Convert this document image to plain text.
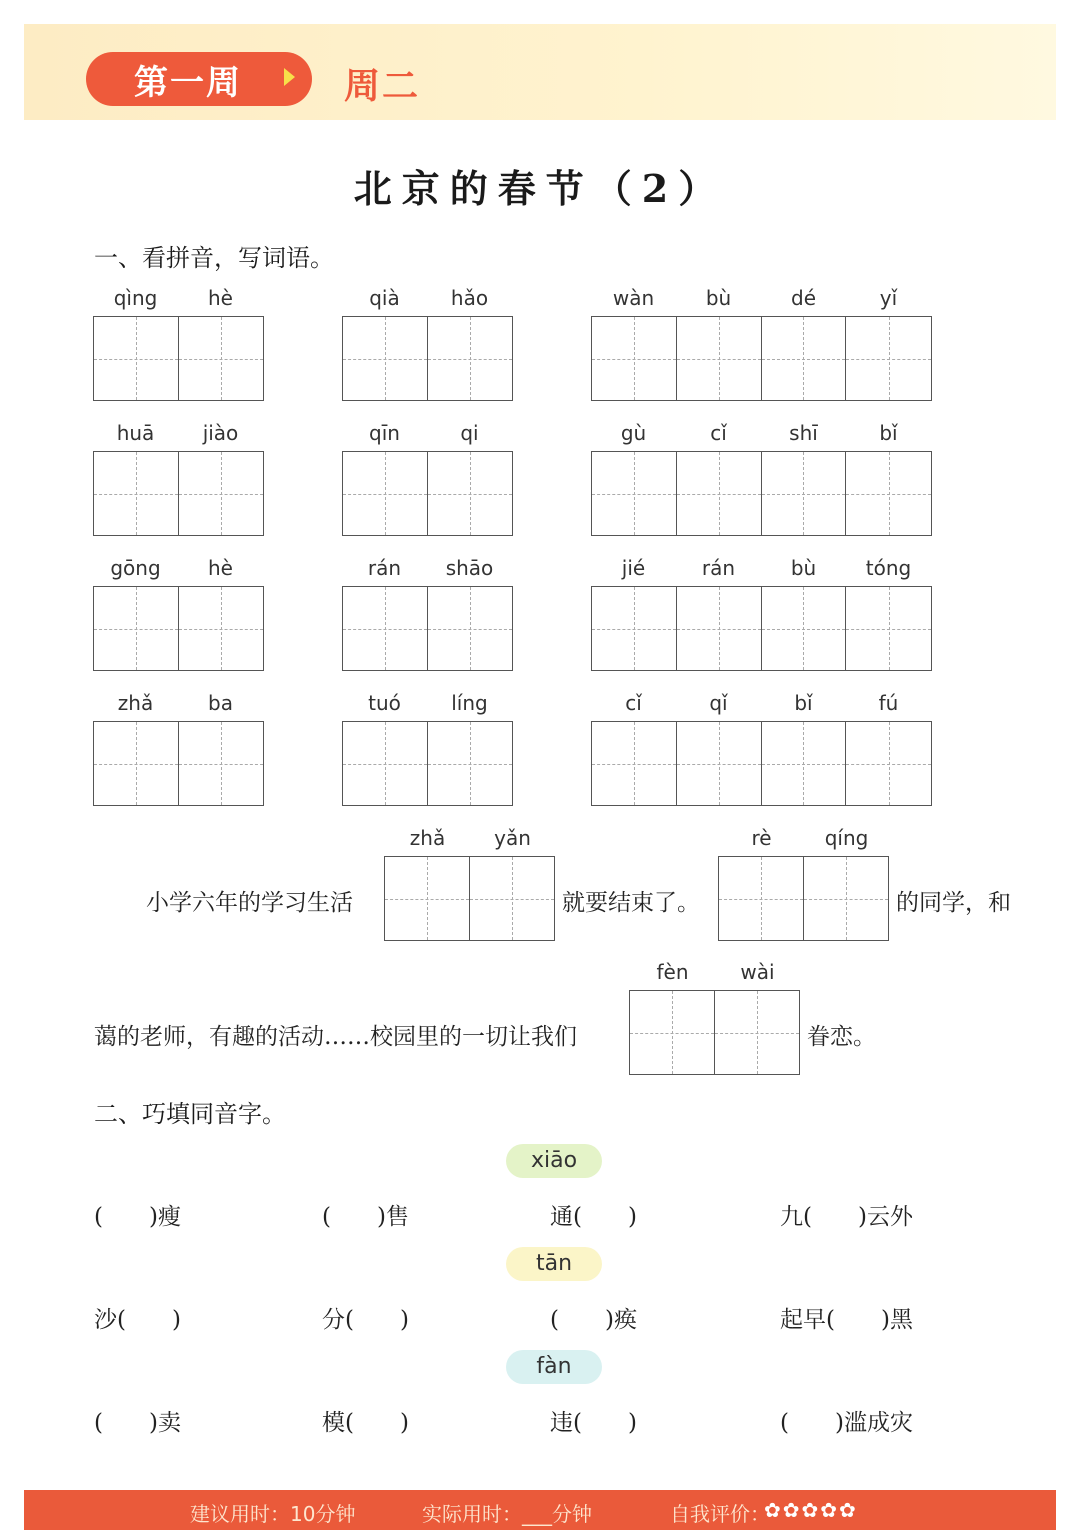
第一周	周二
北京的春节（2）
一、看拼音，写词语。
qìng	hè	qià	hǎo	wàn	bù	dé	yǐ
huā	jiào	qīn	qi	gù	cǐ	shī	bǐ
gōng	hè	rán	shāo	jié	rán	bù	tóng
zhǎ	ba	tuó	líng	cǐ	qǐ	bǐ	fú
小学六年的学习生活
zhǎ	yǎn
就要结束了。
rè	qíng
的同学，和
蔼的老师，有趣的活动……校园里的一切让我们
fèn	wài
眷恋。
二、巧填同音字。
xiāo
(　　)瘦	(　　)售	通(　　)	九(　　)云外
tān
沙(　　)	分(　　)	(　　)痪	起早(　　)黑
fàn
(　　)卖	模(　　)	违(　　)	(　　)滥成灾
建议用时：10分钟	实际用时：___分钟	自我评价：
✿✿✿✿✿
